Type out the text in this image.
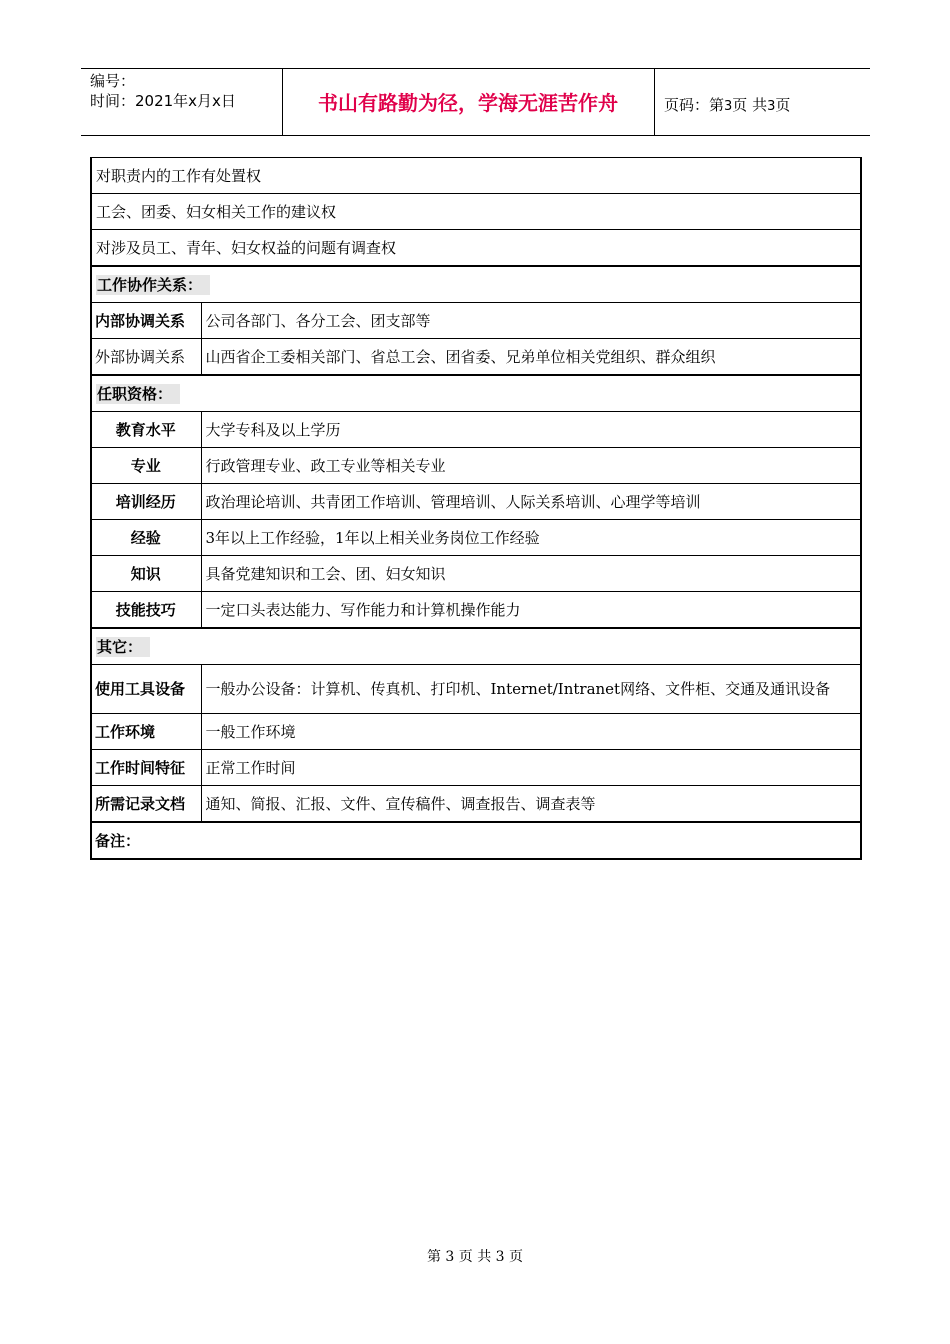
编号：
时间：2021年x月x日	书山有路勤为径，学海无涯苦作舟	页码：第3页 共3页
对职责内的工作有处置权	
工会、团委、妇女相关工作的建议权	
对涉及员工、青年、妇女权益的问题有调查权	
工作协作关系：	
内部协调关系	公司各部门、各分工会、团支部等
外部协调关系	山西省企工委相关部门、省总工会、团省委、兄弟单位相关党组织、群众组织
任职资格：	
教育水平	大学专科及以上学历
专业	行政管理专业、政工专业等相关专业
培训经历	政治理论培训、共青团工作培训、管理培训、人际关系培训、心理学等培训
经验	3年以上工作经验，1年以上相关业务岗位工作经验
知识	具备党建知识和工会、团、妇女知识
技能技巧	一定口头表达能力、写作能力和计算机操作能力
其它：	
使用工具设备	一般办公设备：计算机、传真机、打印机、Internet/Intranet网络、文件柜、交通及通讯设备
工作环境	一般工作环境
工作时间特征	正常工作时间
所需记录文档	通知、简报、汇报、文件、宣传稿件、调查报告、调查表等
备注：	
第 3 页 共 3 页
